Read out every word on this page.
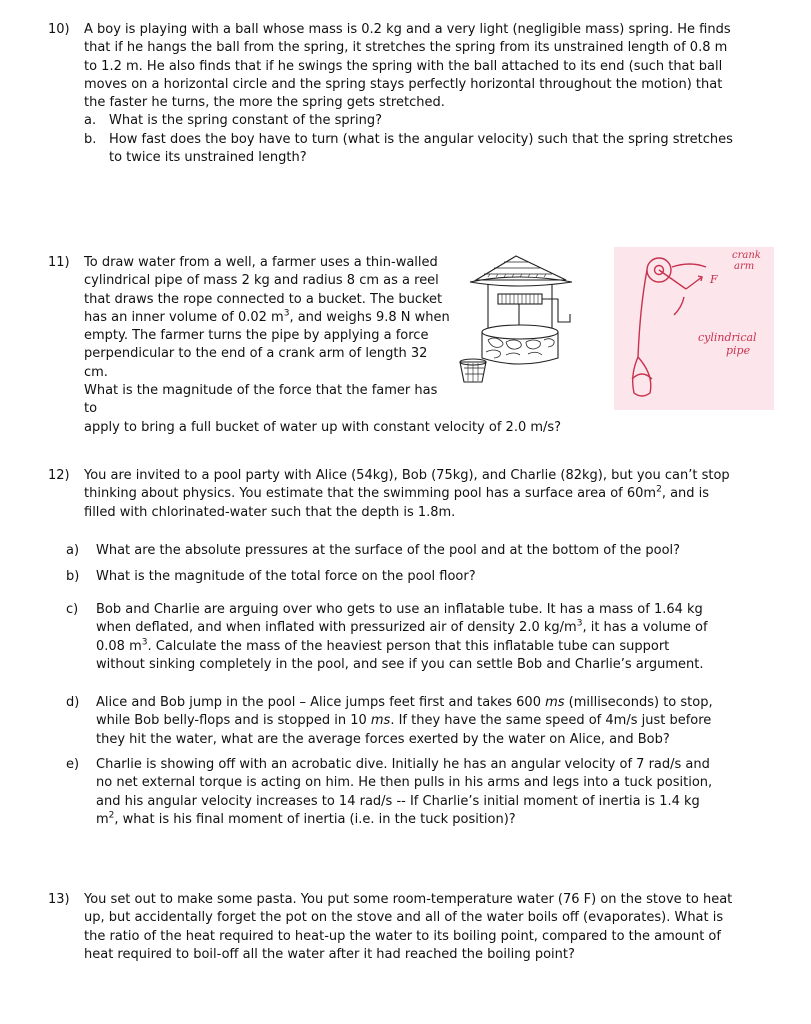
10) A boy is playing with a ball whose mass is 0.2 kg and a very light (negligible mass) spring. He finds that if he hangs the ball from the spring, it stretches the spring from its unstrained length of 0.8 m to 1.2 m. He also finds that if he swings the spring with the ball attached to its end (such that ball moves on a horizontal circle and the spring stays perfectly horizontal throughout the motion) that the faster he turns, the more the spring gets stretched.

a. What is the spring constant of the spring?

b. How fast does the boy have to turn (what is the angular velocity) such that the spring stretches to twice its unstrained length?

11) To draw water from a well, a farmer uses a thin-walled
cylindrical pipe of mass 2 kg and radius 8 cm as a reel
that draws the rope connected to a bucket. The bucket
has an inner volume of 0.02 $m^3$, and weighs 9.8 N when
empty. The farmer turns the pipe by applying a force
perpendicular to the end of a crank arm of length 32 cm.
What is the magnitude of the force that the famer has to
apply to bring a full bucket of water up with constant velocity of 2.0 m/s?
crank
arm
F
cylindrical
pipe
12) You are invited to a pool party with Alice (54kg), Bob (75kg), and Charlie (82kg), but you can’t stop thinking about physics. You estimate that the swimming pool has a surface area of $60m^2$, and is filled with chlorinated-water such that the depth is 1.8m.

a) What are the absolute pressures at the surface of the pool and at the bottom of the pool?

b) What is the magnitude of the total force on the pool floor?

c) Bob and Charlie are arguing over who gets to use an inflatable tube. It has a mass of 1.64 kg when deflated, and when inflated with pressurized air of density 2.0 $kg/m^3$, it has a volume of 0.08 $m^3$. Calculate the mass of the heaviest person that this inflatable tube can support without sinking completely in the pool, and see if you can settle Bob and Charlie’s argument.

d) Alice and Bob jump in the pool – Alice jumps feet first and takes 600 ms (milliseconds) to stop, while Bob belly-flops and is stopped in 10 ms. If they have the same speed of 4m/s just before they hit the water, what are the average forces exerted by the water on Alice, and Bob?

e) Charlie is showing off with an acrobatic dive. Initially he has an angular velocity of 7 rad/s and no net external torque is acting on him. He then pulls in his arms and legs into a tuck position, and his angular velocity increases to 14 rad/s -- If Charlie’s initial moment of inertia is 1.4 kg $m^2$, what is his final moment of inertia (i.e. in the tuck position)?

13) You set out to make some pasta. You put some room-temperature water (76 F) on the stove to heat up, but accidentally forget the pot on the stove and all of the water boils off (evaporates). What is the ratio of the heat required to heat-up the water to its boiling point, compared to the amount of heat required to boil-off all the water after it had reached the boiling point?
